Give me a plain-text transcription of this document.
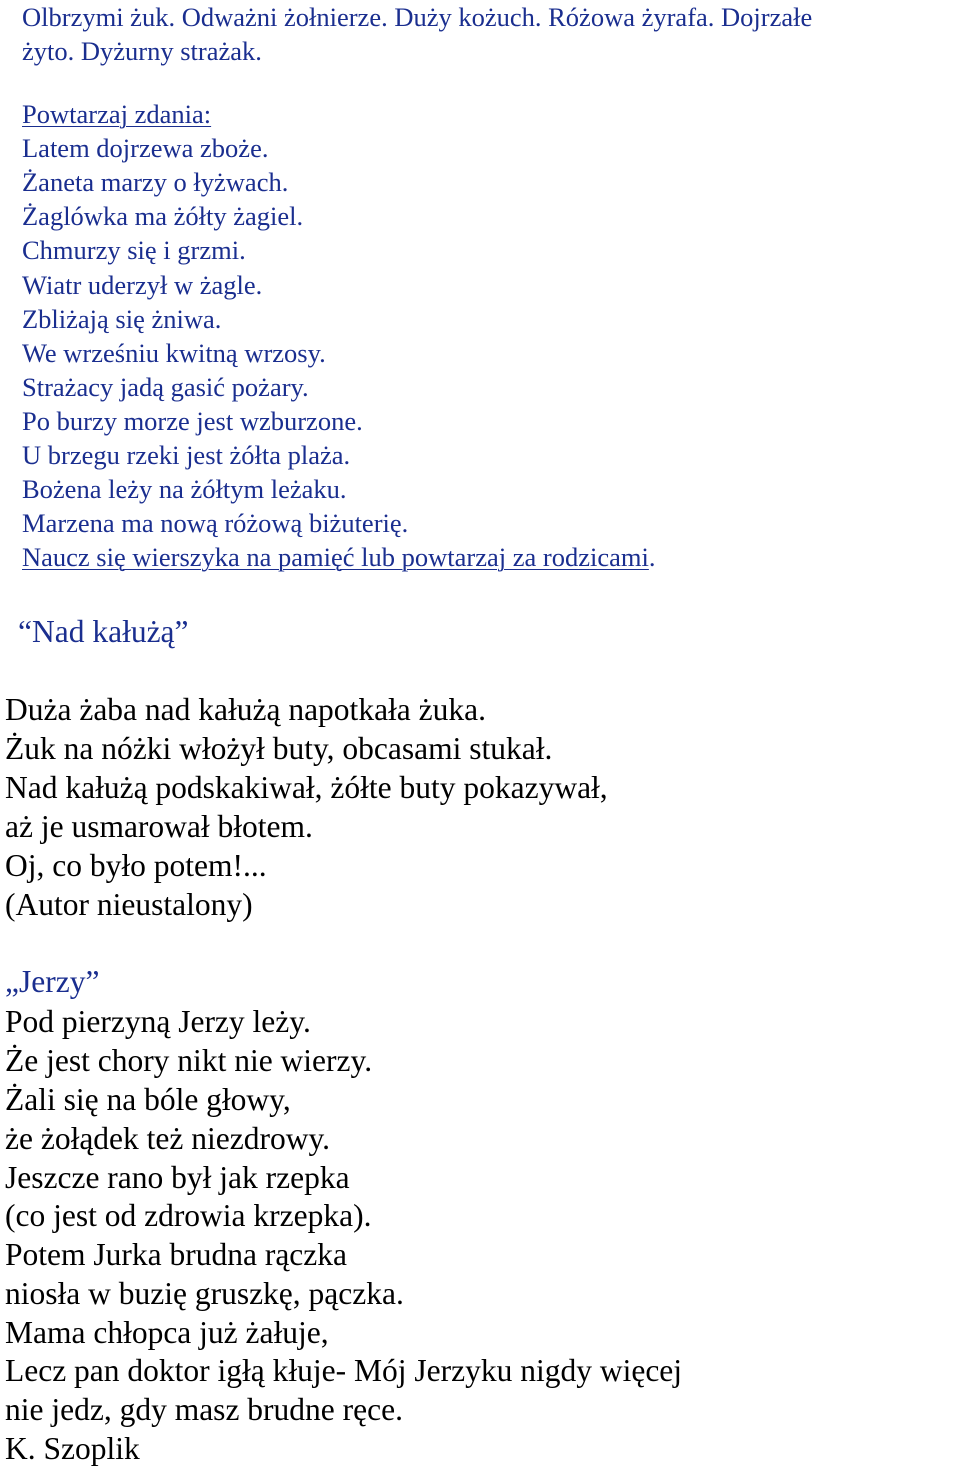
Olbrzymi żuk. Odważni żołnierze. Duży kożuch. Różowa żyrafa. Dojrzałe
żyto. Dyżurny strażak.
Powtarzaj zdania:
Latem dojrzewa zboże.
Żaneta marzy o łyżwach.
Żaglówka ma żółty żagiel.
Chmurzy się i grzmi.
Wiatr uderzył w żagle.
Zbliżają się żniwa.
We wrześniu kwitną wrzosy.
Strażacy jadą gasić pożary.
Po burzy morze jest wzburzone.
U brzegu rzeki jest żółta plaża.
Bożena leży na żółtym leżaku.
Marzena ma nową różową biżuterię.
Naucz się wierszyka na pamięć lub powtarzaj za rodzicami.
“Nad kałużą”
Duża żaba nad kałużą napotkała żuka.
Żuk na nóżki włożył buty, obcasami stukał.
Nad kałużą podskakiwał, żółte buty pokazywał,
aż je usmarował błotem.
Oj, co było potem!...
(Autor nieustalony)
„Jerzy”
Pod pierzyną Jerzy leży.
Że jest chory nikt nie wierzy.
Żali się na bóle głowy,
że żołądek też niezdrowy.
Jeszcze rano był jak rzepka
(co jest od zdrowia krzepka).
Potem Jurka brudna rączka
niosła w buzię gruszkę, pączka.
Mama chłopca już żałuje,
Lecz pan doktor igłą kłuje- Mój Jerzyku nigdy więcej
nie jedz, gdy masz brudne ręce.
K. Szoplik
